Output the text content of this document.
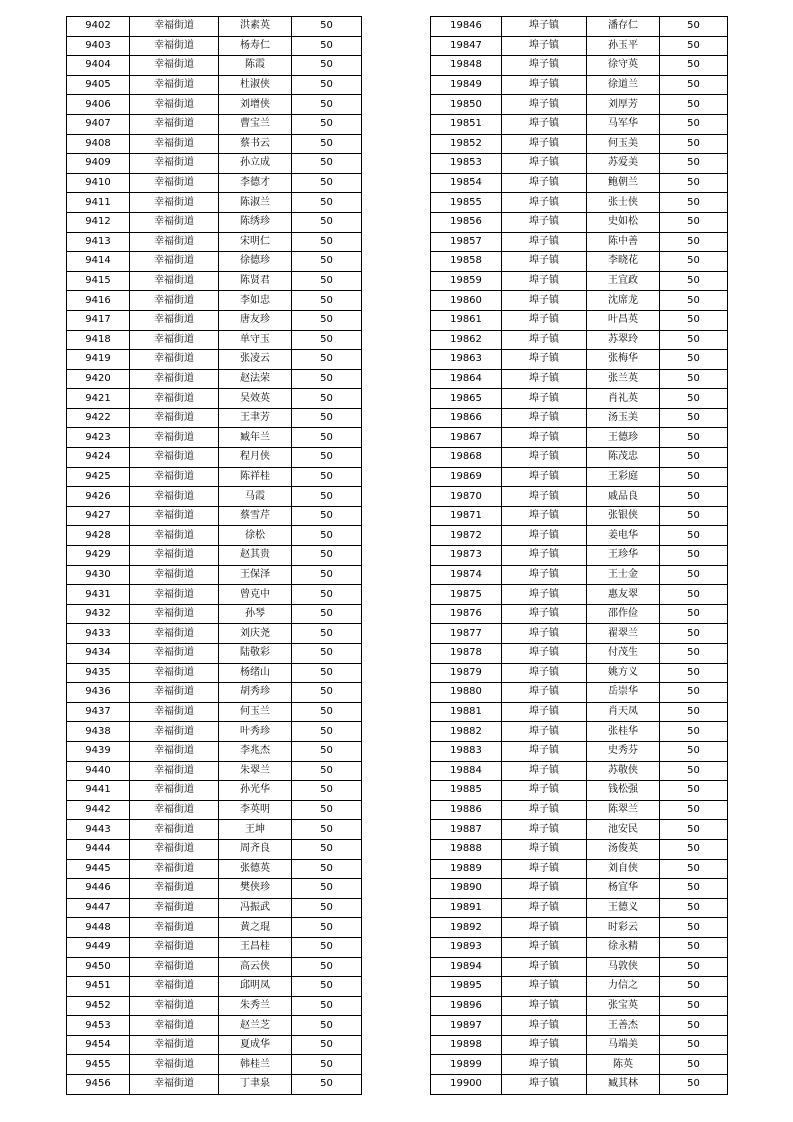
9402	幸福街道	洪素英	50
9403	幸福街道	杨寿仁	50
9404	幸福街道	陈霞	50
9405	幸福街道	杜淑侠	50
9406	幸福街道	刘增侠	50
9407	幸福街道	曹宝兰	50
9408	幸福街道	蔡书云	50
9409	幸福街道	孙立成	50
9410	幸福街道	李德才	50
9411	幸福街道	陈淑兰	50
9412	幸福街道	陈绣珍	50
9413	幸福街道	宋明仁	50
9414	幸福街道	徐德珍	50
9415	幸福街道	陈贤君	50
9416	幸福街道	李如忠	50
9417	幸福街道	唐友珍	50
9418	幸福街道	单守玉	50
9419	幸福街道	张凌云	50
9420	幸福街道	赵法荣	50
9421	幸福街道	吴效英	50
9422	幸福街道	王聿芳	50
9423	幸福街道	臧年兰	50
9424	幸福街道	程月侠	50
9425	幸福街道	陈祥桂	50
9426	幸福街道	马霞	50
9427	幸福街道	蔡雪芹	50
9428	幸福街道	徐松	50
9429	幸福街道	赵其贵	50
9430	幸福街道	王保泽	50
9431	幸福街道	曾克中	50
9432	幸福街道	孙琴	50
9433	幸福街道	刘庆尧	50
9434	幸福街道	陆敬彩	50
9435	幸福街道	杨绪山	50
9436	幸福街道	胡秀珍	50
9437	幸福街道	何玉兰	50
9438	幸福街道	叶秀珍	50
9439	幸福街道	李兆杰	50
9440	幸福街道	朱翠兰	50
9441	幸福街道	孙光华	50
9442	幸福街道	李英明	50
9443	幸福街道	王坤	50
9444	幸福街道	周齐良	50
9445	幸福街道	张德英	50
9446	幸福街道	樊侠珍	50
9447	幸福街道	冯振武	50
9448	幸福街道	黄之琨	50
9449	幸福街道	王昌桂	50
9450	幸福街道	高云侠	50
9451	幸福街道	邱明凤	50
9452	幸福街道	朱秀兰	50
9453	幸福街道	赵兰芝	50
9454	幸福街道	夏成华	50
9455	幸福街道	韩桂兰	50
9456	幸福街道	丁聿泉	50
19846	埠子镇	潘存仁	50
19847	埠子镇	孙玉平	50
19848	埠子镇	徐守英	50
19849	埠子镇	徐道兰	50
19850	埠子镇	刘厚芳	50
19851	埠子镇	马军华	50
19852	埠子镇	何玉美	50
19853	埠子镇	苏爱美	50
19854	埠子镇	鲍朝兰	50
19855	埠子镇	张士侠	50
19856	埠子镇	史如松	50
19857	埠子镇	陈中善	50
19858	埠子镇	李晓花	50
19859	埠子镇	王宜政	50
19860	埠子镇	沈席龙	50
19861	埠子镇	叶昌英	50
19862	埠子镇	苏翠玲	50
19863	埠子镇	张梅华	50
19864	埠子镇	张兰英	50
19865	埠子镇	肖礼英	50
19866	埠子镇	汤玉美	50
19867	埠子镇	王德珍	50
19868	埠子镇	陈茂忠	50
19869	埠子镇	王彩庭	50
19870	埠子镇	戚品良	50
19871	埠子镇	张银侠	50
19872	埠子镇	姜电华	50
19873	埠子镇	王珍华	50
19874	埠子镇	王士金	50
19875	埠子镇	惠友翠	50
19876	埠子镇	邵作俭	50
19877	埠子镇	翟翠兰	50
19878	埠子镇	付茂生	50
19879	埠子镇	姚方义	50
19880	埠子镇	岳崇华	50
19881	埠子镇	肖天凤	50
19882	埠子镇	张桂华	50
19883	埠子镇	史秀芬	50
19884	埠子镇	苏敬侠	50
19885	埠子镇	钱松强	50
19886	埠子镇	陈翠兰	50
19887	埠子镇	池安民	50
19888	埠子镇	汤俊英	50
19889	埠子镇	刘自侠	50
19890	埠子镇	杨宜华	50
19891	埠子镇	王德义	50
19892	埠子镇	时彩云	50
19893	埠子镇	徐永精	50
19894	埠子镇	马敦侠	50
19895	埠子镇	力信之	50
19896	埠子镇	张宝英	50
19897	埠子镇	王善杰	50
19898	埠子镇	马端美	50
19899	埠子镇	陈英	50
19900	埠子镇	臧其林	50
